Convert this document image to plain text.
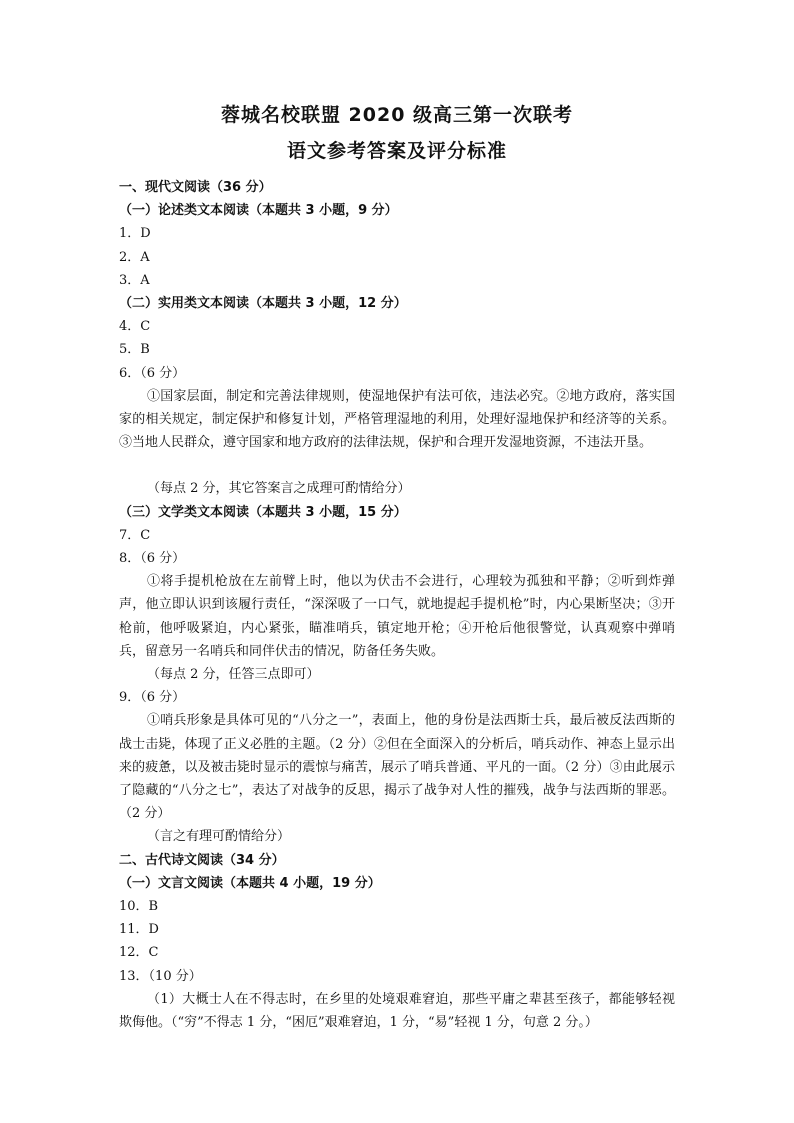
蓉城名校联盟 2020 级高三第一次联考
语文参考答案及评分标准
一、现代文阅读（36 分）
（一）论述类文本阅读（本题共 3 小题，9 分）
1．D
2．A
3．A
（二）实用类文本阅读（本题共 3 小题，12 分）
4．C
5．B
6．（6 分）

①国家层面，制定和完善法律规则，使湿地保护有法可依，违法必究。②地方政府，落实国家的相关规定，制定保护和修复计划，严格管理湿地的利用，处理好湿地保护和经济等的关系。③当地人民群众，遵守国家和地方政府的法律法规，保护和合理开发湿地资源，不违法开垦。

（每点 2 分，其它答案言之成理可酌情给分）
（三）文学类文本阅读（本题共 3 小题，15 分）
7．C
8．（6 分）

①将手提机枪放在左前臂上时，他以为伏击不会进行，心理较为孤独和平静；②听到炸弹声，他立即认识到该履行责任，“深深吸了一口气，就地提起手提机枪”时，内心果断坚决；③开枪前，他呼吸紧迫，内心紧张，瞄准哨兵，镇定地开枪；④开枪后他很警觉，认真观察中弹哨兵，留意另一名哨兵和同伴伏击的情况，防备任务失败。

（每点 2 分，任答三点即可）
9．（6 分）

①哨兵形象是具体可见的“八分之一”，表面上，他的身份是法西斯士兵，最后被反法西斯的战士击毙，体现了正义必胜的主题。（2 分）②但在全面深入的分析后，哨兵动作、神态上显示出来的疲惫，以及被击毙时显示的震惊与痛苦，展示了哨兵普通、平凡的一面。（2 分）③由此展示了隐藏的“八分之七”，表达了对战争的反思，揭示了战争对人性的摧残，战争与法西斯的罪恶。（2 分）

（言之有理可酌情给分）
二、古代诗文阅读（34 分）
（一）文言文阅读（本题共 4 小题，19 分）
10．B
11．D
12．C
13．（10 分）

（1）大概士人在不得志时，在乡里的处境艰难窘迫，那些平庸之辈甚至孩子，都能够轻视欺侮他。（“穷”不得志 1 分，“困厄”艰难窘迫，1 分，“易”轻视 1 分，句意 2 分。）
